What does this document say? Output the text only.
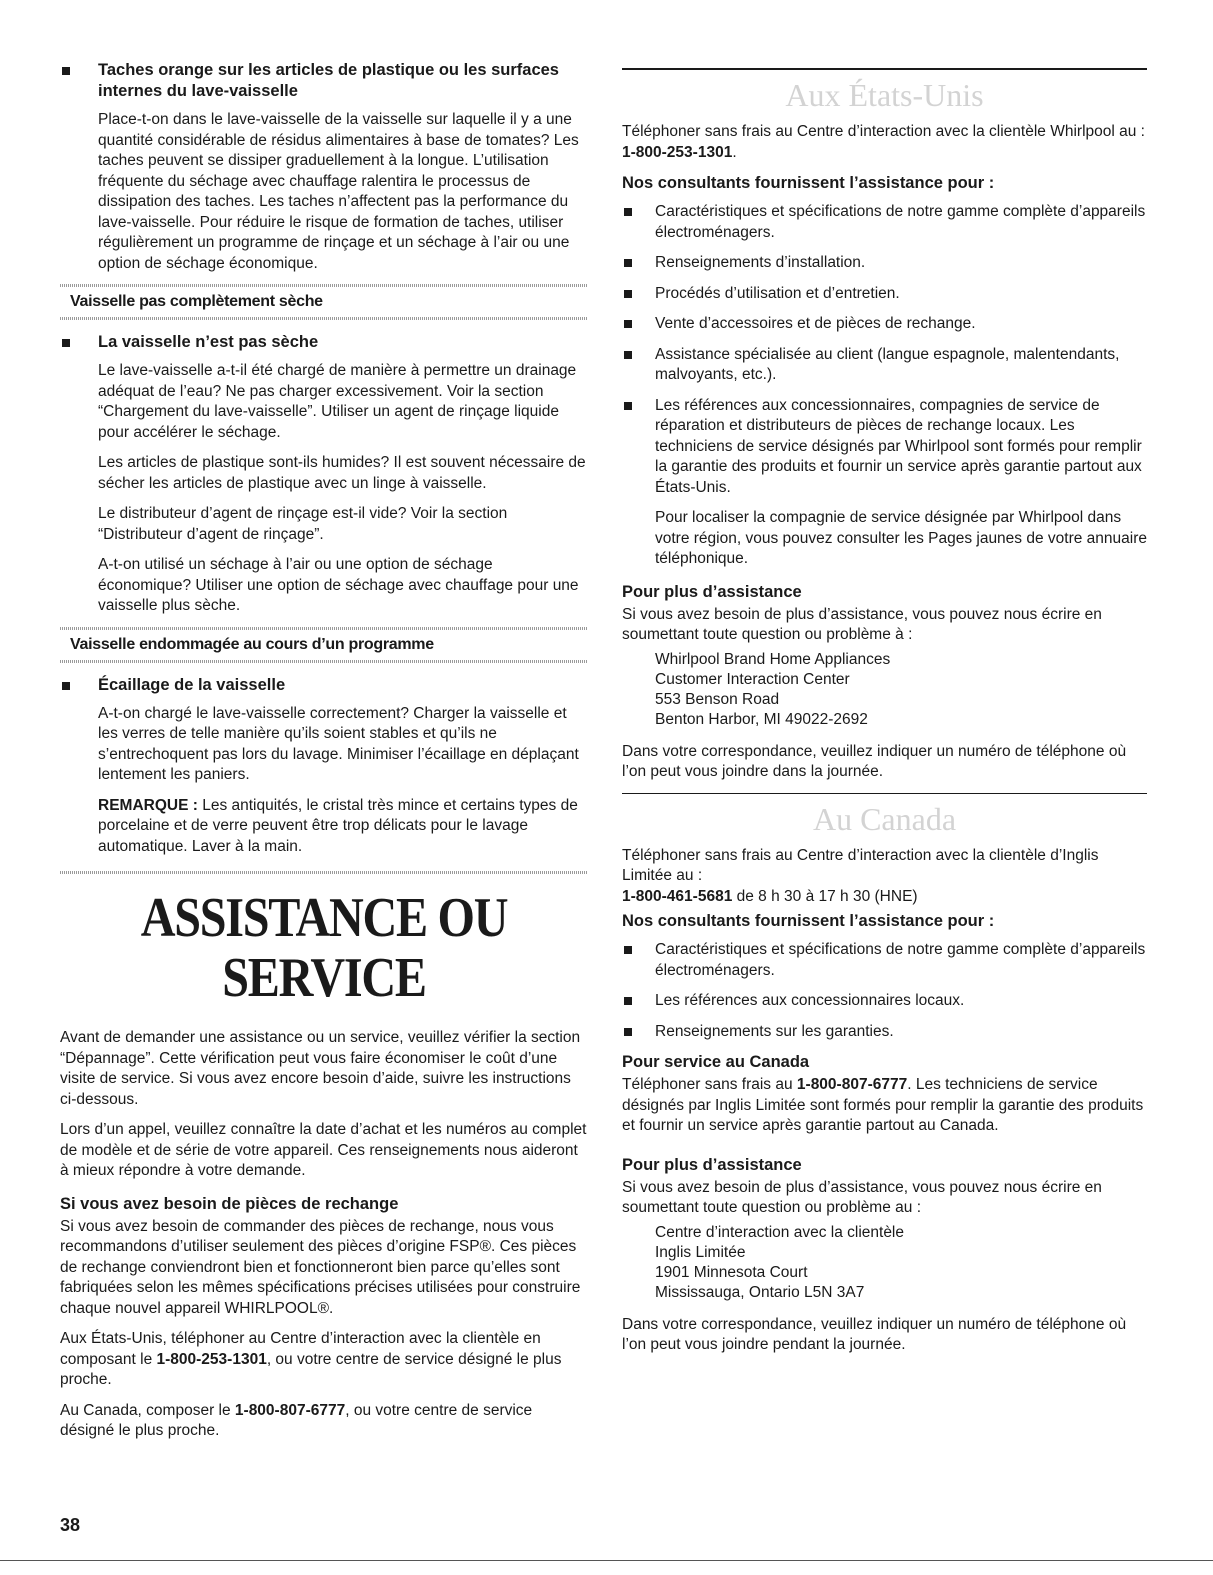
Taches orange sur les articles de plastique ou les surfaces internes du lave-vaisselle

Place-t-on dans le lave-vaisselle de la vaisselle sur laquelle il y a une quantité considérable de résidus alimentaires à base de tomates? Les taches peuvent se dissiper graduellement à la longue. L’utilisation fréquente du séchage avec chauffage ralentira le processus de dissipation des taches. Les taches n’affectent pas la performance du lave-vaisselle. Pour réduire le risque de formation de taches, utiliser régulièrement un programme de rinçage et un séchage à l’air ou une option de séchage économique.

Vaisselle pas complètement sèche
La vaisselle n’est pas sèche

Le lave-vaisselle a-t-il été chargé de manière à permettre un drainage adéquat de l’eau? Ne pas charger excessivement. Voir la section “Chargement du lave-vaisselle”. Utiliser un agent de rinçage liquide pour accélérer le séchage.

Les articles de plastique sont-ils humides? Il est souvent nécessaire de sécher les articles de plastique avec un linge à vaisselle.

Le distributeur d’agent de rinçage est-il vide? Voir la section “Distributeur d’agent de rinçage”.

A-t-on utilisé un séchage à l’air ou une option de séchage économique? Utiliser une option de séchage avec chauffage pour une vaisselle plus sèche.

Vaisselle endommagée au cours d’un programme
Écaillage de la vaisselle

A-t-on chargé le lave-vaisselle correctement? Charger la vaisselle et les verres de telle manière qu’ils soient stables et qu’ils ne s’entrechoquent pas lors du lavage. Minimiser l’écaillage en déplaçant lentement les paniers.

REMARQUE : Les antiquités, le cristal très mince et certains types de porcelaine et de verre peuvent être trop délicats pour le lavage automatique. Laver à la main.

ASSISTANCE OU SERVICE

Avant de demander une assistance ou un service, veuillez vérifier la section “Dépannage”. Cette vérification peut vous faire économiser le coût d’une visite de service. Si vous avez encore besoin d’aide, suivre les instructions ci-dessous.

Lors d’un appel, veuillez connaître la date d’achat et les numéros au complet de modèle et de série de votre appareil. Ces renseignements nous aideront à mieux répondre à votre demande.

Si vous avez besoin de pièces de rechange

Si vous avez besoin de commander des pièces de rechange, nous vous recommandons d’utiliser seulement des pièces d’origine FSP®. Ces pièces de rechange conviendront bien et fonctionneront bien parce qu’elles sont fabriquées selon les mêmes spécifications précises utilisées pour construire chaque nouvel appareil WHIRLPOOL®.

Aux États-Unis, téléphoner au Centre d’interaction avec la clientèle en composant le 1-800-253-1301, ou votre centre de service désigné le plus proche.

Au Canada, composer le 1-800-807-6777, ou votre centre de service désigné le plus proche.

Aux États-Unis

Téléphoner sans frais au Centre d’interaction avec la clientèle Whirlpool au : 1-800-253-1301.

Nos consultants fournissent l’assistance pour :
Caractéristiques et spécifications de notre gamme complète d’appareils électroménagers.
Renseignements d’installation.
Procédés d’utilisation et d’entretien.
Vente d’accessoires et de pièces de rechange.
Assistance spécialisée au client (langue espagnole, malentendants, malvoyants, etc.).
Les références aux concessionnaires, compagnies de service de réparation et distributeurs de pièces de rechange locaux. Les techniciens de service désignés par Whirlpool sont formés pour remplir la garantie des produits et fournir un service après garantie partout aux États-Unis.

Pour localiser la compagnie de service désignée par Whirlpool dans votre région, vous pouvez consulter les Pages jaunes de votre annuaire téléphonique.

Pour plus d’assistance

Si vous avez besoin de plus d’assistance, vous pouvez nous écrire en soumettant toute question ou problème à :

Whirlpool Brand Home Appliances
Customer Interaction Center
553 Benson Road
Benton Harbor, MI 49022-2692

Dans votre correspondance, veuillez indiquer un numéro de téléphone où l’on peut vous joindre dans la journée.

Au Canada

Téléphoner sans frais au Centre d’interaction avec la clientèle d’Inglis Limitée au :

1-800-461-5681 de 8 h 30 à 17 h 30 (HNE)

Nos consultants fournissent l’assistance pour :
Caractéristiques et spécifications de notre gamme complète d’appareils électroménagers.
Les références aux concessionnaires locaux.
Renseignements sur les garanties.
Pour service au Canada

Téléphoner sans frais au 1-800-807-6777. Les techniciens de service désignés par Inglis Limitée sont formés pour remplir la garantie des produits et fournir un service après garantie partout au Canada.

Pour plus d’assistance

Si vous avez besoin de plus d’assistance, vous pouvez nous écrire en soumettant toute question ou problème au :

Centre d’interaction avec la clientèle
Inglis Limitée
1901 Minnesota Court
Mississauga, Ontario L5N 3A7

Dans votre correspondance, veuillez indiquer un numéro de téléphone où l’on peut vous joindre pendant la journée.

38
